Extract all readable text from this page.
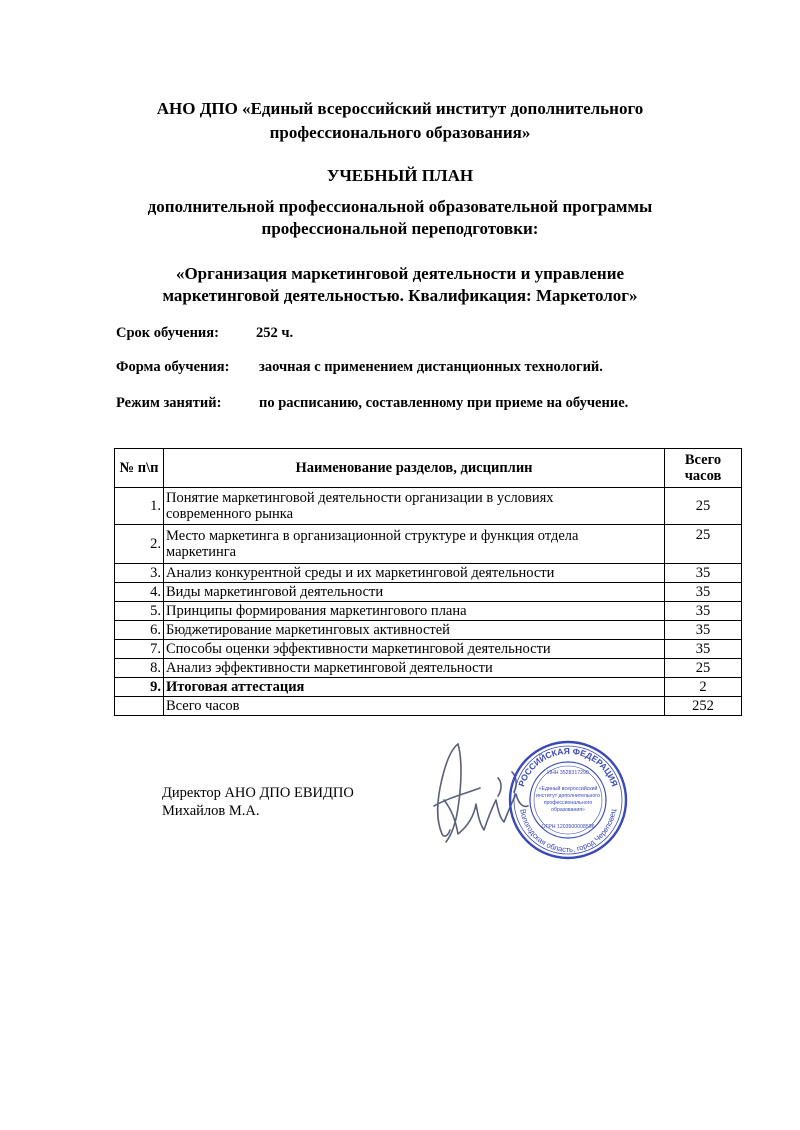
АНО ДПО «Единый всероссийский институт дополнительного
профессионального образования»
УЧЕБНЫЙ ПЛАН
дополнительной профессиональной образовательной программы
профессиональной переподготовки:
«Организация маркетинговой деятельности и управление
маркетинговой деятельностью. Квалификация: Маркетолог»
Срок обучения:	252 ч.
Форма обучения: заочная с применением дистанционных технологий.
Режим занятий:	по расписанию, составленному при приеме на обучение.
№ п\п	Наименование разделов, дисциплин	Всего
часов

1.	Понятие маркетинговой деятельности организации в условиях
современного рынка	25
2.	Место маркетинга в организационной структуре и функция отдела
маркетинга	25
3.	Анализ конкурентной среды и их маркетинговой деятельности	35
4.	Виды маркетинговой деятельности	35
5.	Принципы формирования маркетингового плана	35
6.	Бюджетирование маркетинговых активностей	35
7.	Способы оценки эффективности маркетинговой деятельности	35
8.	Анализ эффективности маркетинговой деятельности	25
9.	Итоговая аттестация	2
	Всего часов	252
Директор АНО ДПО ЕВИДПО
Михайлов М.А.
РОССИЙСКАЯ ФЕДЕРАЦИЯ
Вологодская область, город Череповец
ИНН 3528317290
«Единый всероссийский
институт дополнительного
профессионального
образования»
ОГРН 1203500008596
